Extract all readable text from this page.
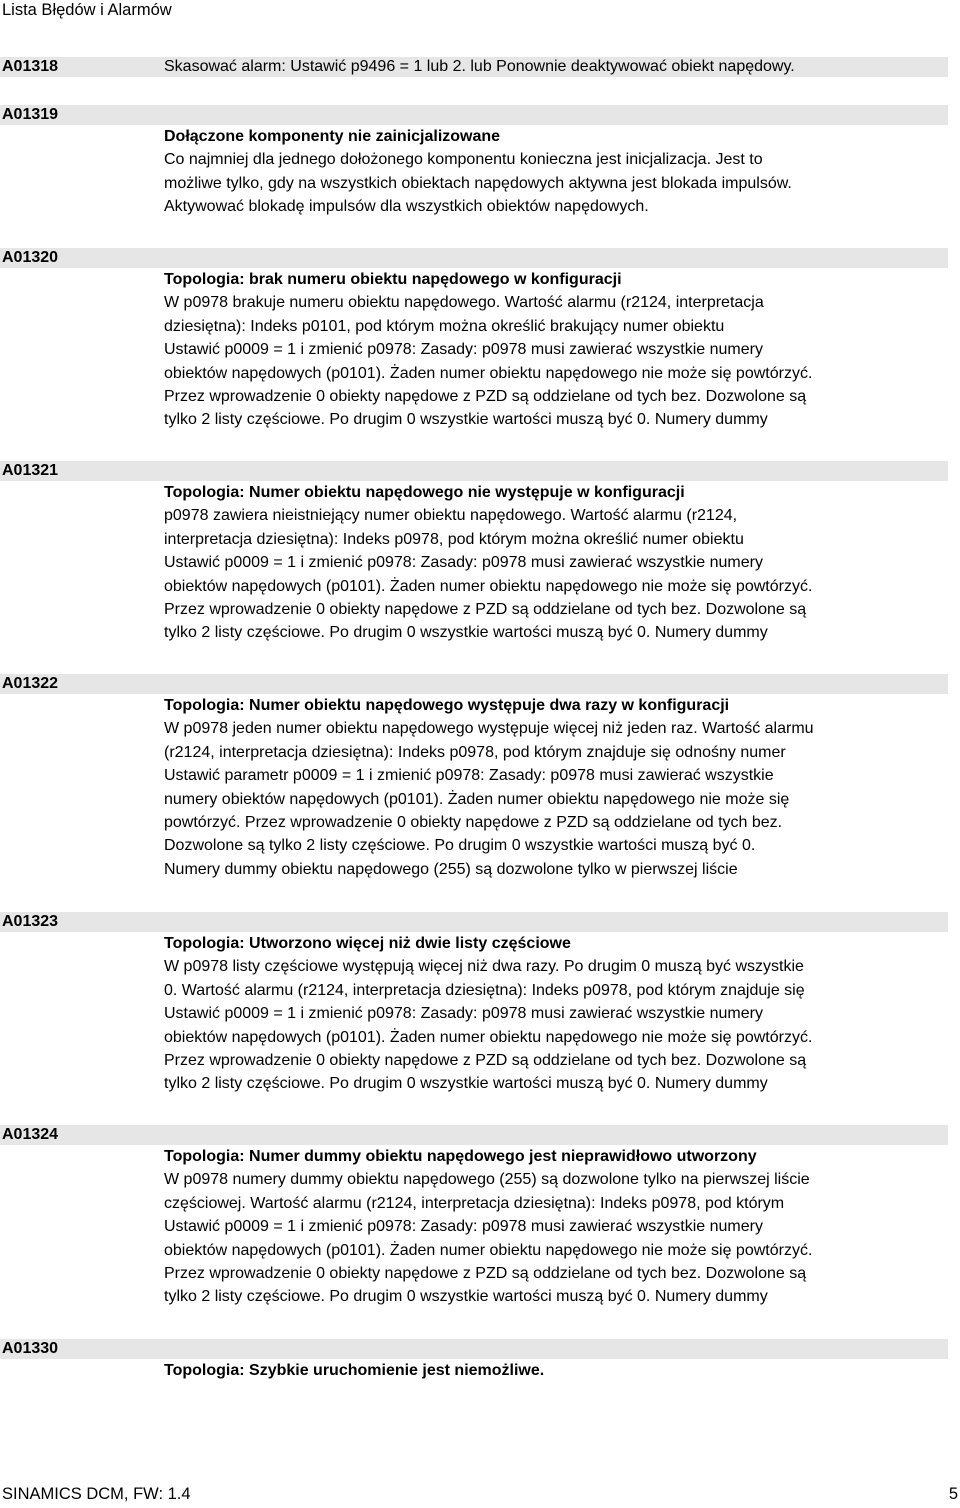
Lista Błędów i Alarmów
A01318	Skasować alarm: Ustawić p9496 = 1 lub 2. lub Ponownie deaktywować obiekt napędowy.
A01319
Dołączone komponenty nie zainicjalizowane
Co najmniej dla jednego dołożonego komponentu konieczna jest inicjalizacja. Jest to
możliwe tylko, gdy na wszystkich obiektach napędowych aktywna jest blokada impulsów.
Aktywować blokadę impulsów dla wszystkich obiektów napędowych.
A01320
Topologia: brak numeru obiektu napędowego w konfiguracji
W p0978 brakuje numeru obiektu napędowego. Wartość alarmu (r2124, interpretacja
dziesiętna): Indeks p0101, pod którym można określić brakujący numer obiektu
Ustawić p0009 = 1 i zmienić p0978: Zasady: p0978 musi zawierać wszystkie numery
obiektów napędowych (p0101). Żaden numer obiektu napędowego nie może się powtórzyć.
Przez wprowadzenie 0 obiekty napędowe z PZD są oddzielane od tych bez. Dozwolone są
tylko 2 listy częściowe. Po drugim 0 wszystkie wartości muszą być 0. Numery dummy
A01321
Topologia: Numer obiektu napędowego nie występuje w konfiguracji
p0978 zawiera nieistniejący numer obiektu napędowego. Wartość alarmu (r2124,
interpretacja dziesiętna): Indeks p0978, pod którym można określić numer obiektu
Ustawić p0009 = 1 i zmienić p0978: Zasady: p0978 musi zawierać wszystkie numery
obiektów napędowych (p0101). Żaden numer obiektu napędowego nie może się powtórzyć.
Przez wprowadzenie 0 obiekty napędowe z PZD są oddzielane od tych bez. Dozwolone są
tylko 2 listy częściowe. Po drugim 0 wszystkie wartości muszą być 0. Numery dummy
A01322
Topologia: Numer obiektu napędowego występuje dwa razy w konfiguracji
W p0978 jeden numer obiektu napędowego występuje więcej niż jeden raz. Wartość alarmu
(r2124, interpretacja dziesiętna): Indeks p0978, pod którym znajduje się odnośny numer
Ustawić parametr p0009 = 1 i zmienić p0978: Zasady: p0978 musi zawierać wszystkie
numery obiektów napędowych (p0101). Żaden numer obiektu napędowego nie może się
powtórzyć. Przez wprowadzenie 0 obiekty napędowe z PZD są oddzielane od tych bez.
Dozwolone są tylko 2 listy częściowe. Po drugim 0 wszystkie wartości muszą być 0.
Numery dummy obiektu napędowego (255) są dozwolone tylko w pierwszej liście
A01323
Topologia: Utworzono więcej niż dwie listy częściowe
W p0978 listy częściowe występują więcej niż dwa razy. Po drugim 0 muszą być wszystkie
0. Wartość alarmu (r2124, interpretacja dziesiętna): Indeks p0978, pod którym znajduje się
Ustawić p0009 = 1 i zmienić p0978: Zasady: p0978 musi zawierać wszystkie numery
obiektów napędowych (p0101). Żaden numer obiektu napędowego nie może się powtórzyć.
Przez wprowadzenie 0 obiekty napędowe z PZD są oddzielane od tych bez. Dozwolone są
tylko 2 listy częściowe. Po drugim 0 wszystkie wartości muszą być 0. Numery dummy
A01324
Topologia: Numer dummy obiektu napędowego jest nieprawidłowo utworzony
W p0978 numery dummy obiektu napędowego (255) są dozwolone tylko na pierwszej liście
częściowej. Wartość alarmu (r2124, interpretacja dziesiętna): Indeks p0978, pod którym
Ustawić p0009 = 1 i zmienić p0978: Zasady: p0978 musi zawierać wszystkie numery
obiektów napędowych (p0101). Żaden numer obiektu napędowego nie może się powtórzyć.
Przez wprowadzenie 0 obiekty napędowe z PZD są oddzielane od tych bez. Dozwolone są
tylko 2 listy częściowe. Po drugim 0 wszystkie wartości muszą być 0. Numery dummy
A01330
Topologia: Szybkie uruchomienie jest niemożliwe.
SINAMICS DCM, FW: 1.4	5
